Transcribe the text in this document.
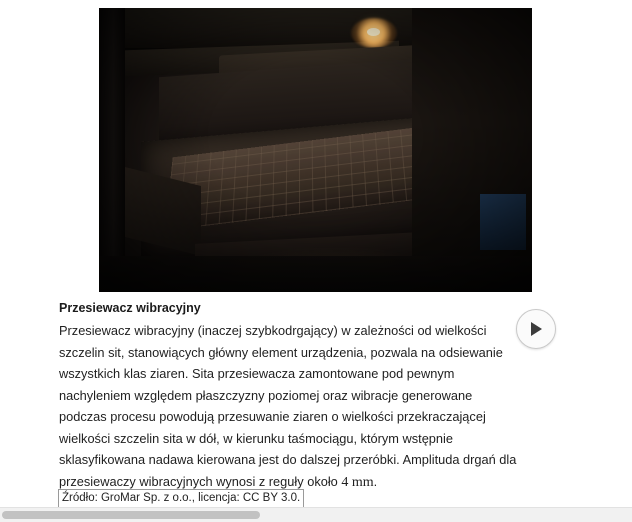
Przesiewacz wibracyjny
Przesiewacz wibracyjny (inaczej szybkodrgający) w zależności od wielkości szczelin sit, stanowiących główny element urządzenia, pozwala na odsiewanie wszystkich klas ziaren. Sita przesiewacza zamontowane pod pewnym nachyleniem względem płaszczyzny poziomej oraz wibracje generowane podczas procesu powodują przesuwanie ziaren o wielkości przekraczającej wielkości szczelin sita w dół, w kierunku taśmociągu, którym wstępnie sklasyfikowana nadawa kierowana jest do dalszej przeróbki. Amplituda drgań dla przesiewaczy wibracyjnych wynosi z reguły około 4 mm.
Źródło: GroMar Sp. z o.o., licencja: CC BY 3.0.
